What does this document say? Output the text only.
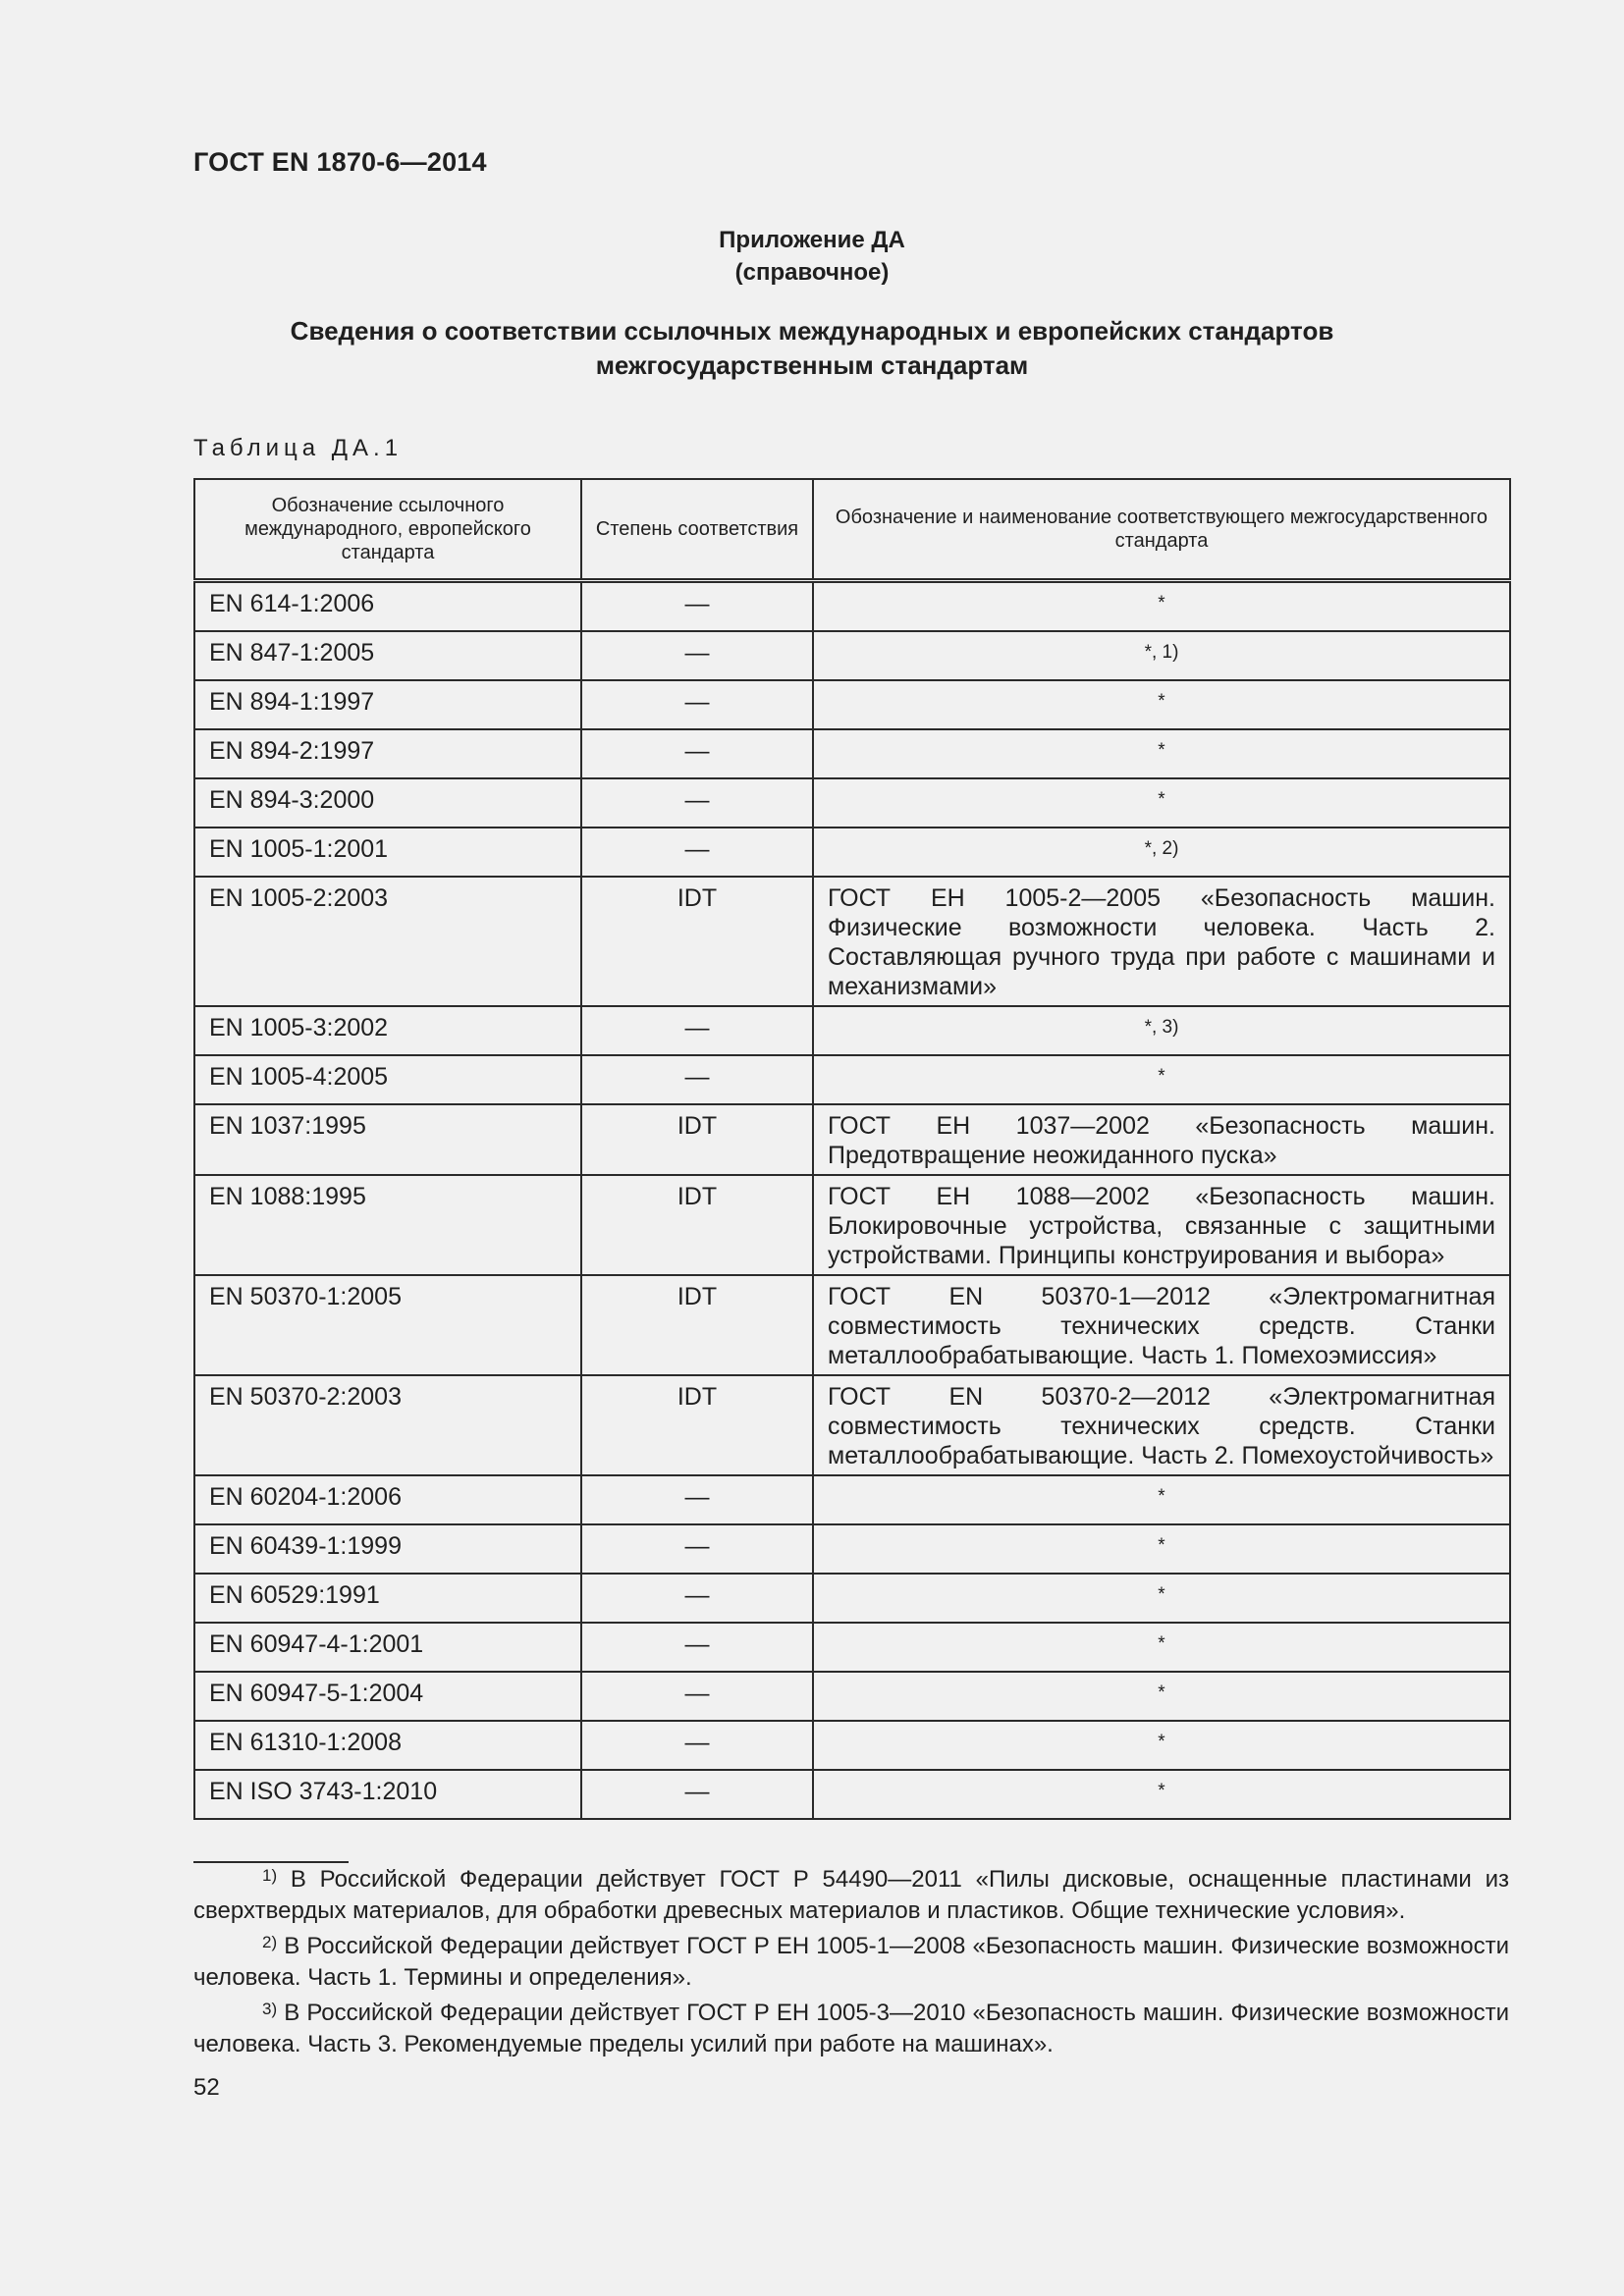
ГОСТ EN 1870-6—2014
Приложение ДА
(справочное)
Сведения о соответствии ссылочных международных и европейских стандартов
межгосударственным стандартам
Таблица ДА.1
Обозначение ссылочного международного, европейского стандарта	Степень соответствия	Обозначение и наименование соответствующего межгосударственного стандарта
EN 614-1:2006	—	*
EN 847-1:2005	—	*, 1)
EN 894-1:1997	—	*
EN 894-2:1997	—	*
EN 894-3:2000	—	*
EN 1005-1:2001	—	*, 2)
EN 1005-2:2003	IDT	ГОСТ ЕН 1005-2—2005 «Безопасность машин. Физические возможности человека. Часть 2. Составляющая ручного труда при работе с машинами и механизмами»
EN 1005-3:2002	—	*, 3)
EN 1005-4:2005	—	*
EN 1037:1995	IDT	ГОСТ ЕН 1037—2002 «Безопасность машин. Предотвращение неожиданного пуска»
EN 1088:1995	IDT	ГОСТ ЕН 1088—2002 «Безопасность машин. Блокировочные устройства, связанные с защитными устройствами. Принципы конструирования и выбора»
EN 50370-1:2005	IDT	ГОСТ EN 50370-1—2012 «Электромагнитная совместимость технических средств. Станки металлообрабатывающие. Часть 1. Помехоэмиссия»
EN 50370-2:2003	IDT	ГОСТ EN 50370-2—2012 «Электромагнитная совместимость технических средств. Станки металлообрабатывающие. Часть 2. Помехоустойчивость»
EN 60204-1:2006	—	*
EN 60439-1:1999	—	*
EN 60529:1991	—	*
EN 60947-4-1:2001	—	*
EN 60947-5-1:2004	—	*
EN 61310-1:2008	—	*
EN ISO 3743-1:2010	—	*
$^{1)}$ В Российской Федерации действует ГОСТ Р 54490—2011 «Пилы дисковые, оснащенные пластинами из сверхтвердых материалов, для обработки древесных материалов и пластиков. Общие технические условия».
$^{2)}$ В Российской Федерации действует ГОСТ Р ЕН 1005-1—2008 «Безопасность машин. Физические возможности человека. Часть 1. Термины и определения».
$^{3)}$ В Российской Федерации действует ГОСТ Р ЕН 1005-3—2010 «Безопасность машин. Физические возможности человека. Часть 3. Рекомендуемые пределы усилий при работе на машинах».
52
